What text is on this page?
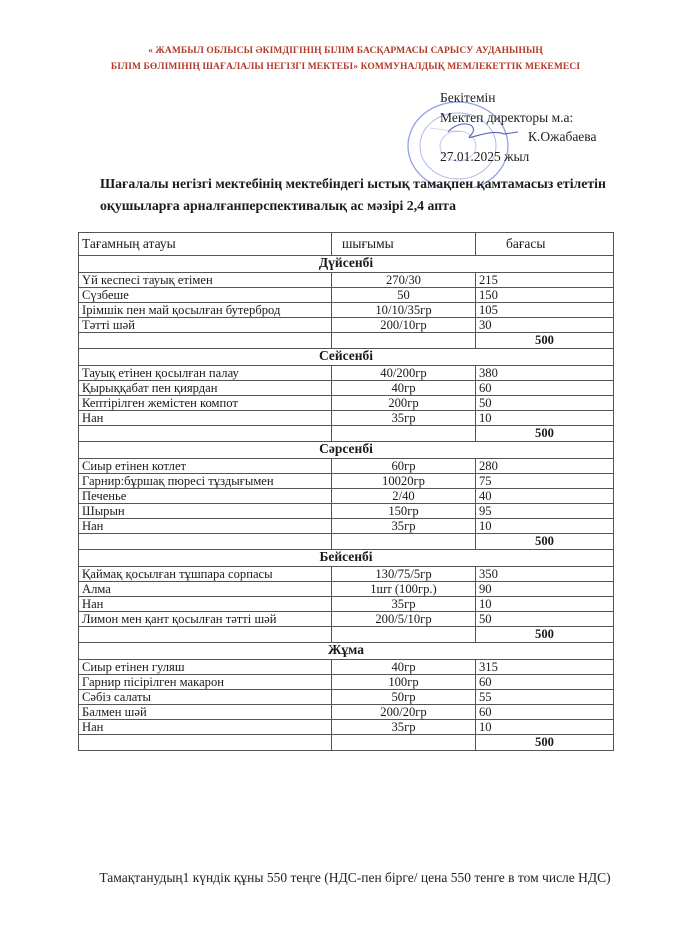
« ЖАМБЫЛ ОБЛЫСЫ ӘКІМДІГІНІҢ БІЛІМ БАСҚАРМАСЫ САРЫСУ АУДАНЫНЫҢ
БІЛІМ БӨЛІМІНІҢ ШАҒАЛАЛЫ НЕГІЗГІ МЕКТЕБІ» КОММУНАЛДЫҚ МЕМЛЕКЕТТІК МЕКЕМЕСІ
Бекітемін
Мектеп директоры м.а:
К.Ожабаева
27.01.2025 жыл
Шағалалы негізгі мектебінің мектебіндегі ыстық тамақпен қамтамасыз етілетін оқушыларға арналғанперспективалық ас мәзірі 2,4 апта
Тағамның атауы	шығымы	бағасы
Дүйсенбі		
Үй кеспесі тауық етімен	270/30	215
Сүзбеше	50	150
Ірімшік пен май қосылған бутерброд	10/10/35гр	105
Тәтті шәй	200/10гр	30
		500
Сейсенбі		
Тауық етінен қосылған палау	40/200гр	380
Қырыққабат пен қиярдан	40гр	60
Кептірілген жемістен компот	200гр	50
Нан	35гр	10
		500
Сәрсенбі		
Сиыр етінен котлет	60гр	280
Гарнир:бұршақ пюресі тұздығымен	10020гр	75
Печенье	2/40	40
Шырын	150гр	95
Нан	35гр	10
		500
Бейсенбі		
Қаймақ қосылған тұшпара сорпасы	130/75/5гр	350
Алма	1шт (100гр.)	90
Нан	35гр	10
Лимон мен қант қосылған тәтті шәй	200/5/10гр	50
		500
Жұма		
Сиыр етінен гуляш	40гр	315
Гарнир пісірілген макарон	100гр	60
Сәбіз салаты	50гр	55
Балмен шәй	200/20гр	60
Нан	35гр	10
		500
Тамақтанудың1 күндік құны 550 теңге (НДС-пен бірге/ цена 550 тенге в том числе НДС)
